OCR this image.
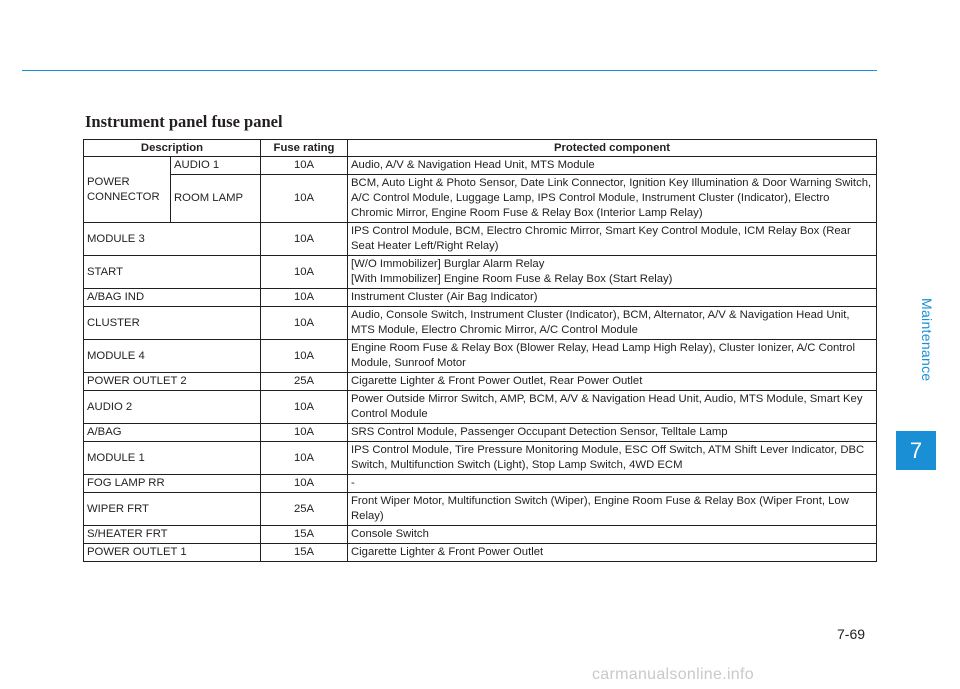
Maintenance
7
Instrument panel fuse panel
Description		Fuse rating	Protected component
POWER CONNECTOR	AUDIO 1	10A	Audio, A/V & Navigation Head Unit, MTS Module
	ROOM LAMP	10A	BCM, Auto Light & Photo Sensor, Date Link Connector, Ignition Key Illumination & Door Warning Switch, A/C Control Module, Luggage Lamp, IPS Control Module, Instrument Cluster (Indicator), Electro Chromic Mirror, Engine Room Fuse & Relay Box (Interior Lamp Relay)
MODULE 3		10A	IPS Control Module, BCM, Electro Chromic Mirror, Smart Key Control Module, ICM Relay Box (Rear Seat Heater Left/Right Relay)
START		10A	[W/O Immobilizer] Burglar Alarm Relay
[With Immobilizer] Engine Room Fuse & Relay Box (Start Relay)

A/BAG IND		10A	Instrument Cluster (Air Bag Indicator)
CLUSTER		10A	Audio, Console Switch, Instrument Cluster (Indicator), BCM, Alternator, A/V & Navigation Head Unit, MTS Module, Electro Chromic Mirror, A/C Control Module
MODULE 4		10A	Engine Room Fuse & Relay Box (Blower Relay, Head Lamp High Relay), Cluster Ionizer, A/C Control Module, Sunroof Motor
POWER OUTLET 2		25A	Cigarette Lighter & Front Power Outlet, Rear Power Outlet
AUDIO 2		10A	Power Outside Mirror Switch, AMP, BCM, A/V & Navigation Head Unit, Audio, MTS Module, Smart Key Control Module
A/BAG		10A	SRS Control Module, Passenger Occupant Detection Sensor, Telltale Lamp
MODULE 1		10A	IPS Control Module, Tire Pressure Monitoring Module, ESC Off Switch, ATM Shift Lever Indicator, DBC Switch, Multifunction Switch (Light), Stop Lamp Switch, 4WD ECM
FOG LAMP RR		10A	-
WIPER FRT		25A	Front Wiper Motor, Multifunction Switch (Wiper), Engine Room Fuse & Relay Box (Wiper Front, Low Relay)
S/HEATER FRT		15A	Console Switch
POWER OUTLET 1		15A	Cigarette Lighter & Front Power Outlet
7-69
carmanualsonline.info
